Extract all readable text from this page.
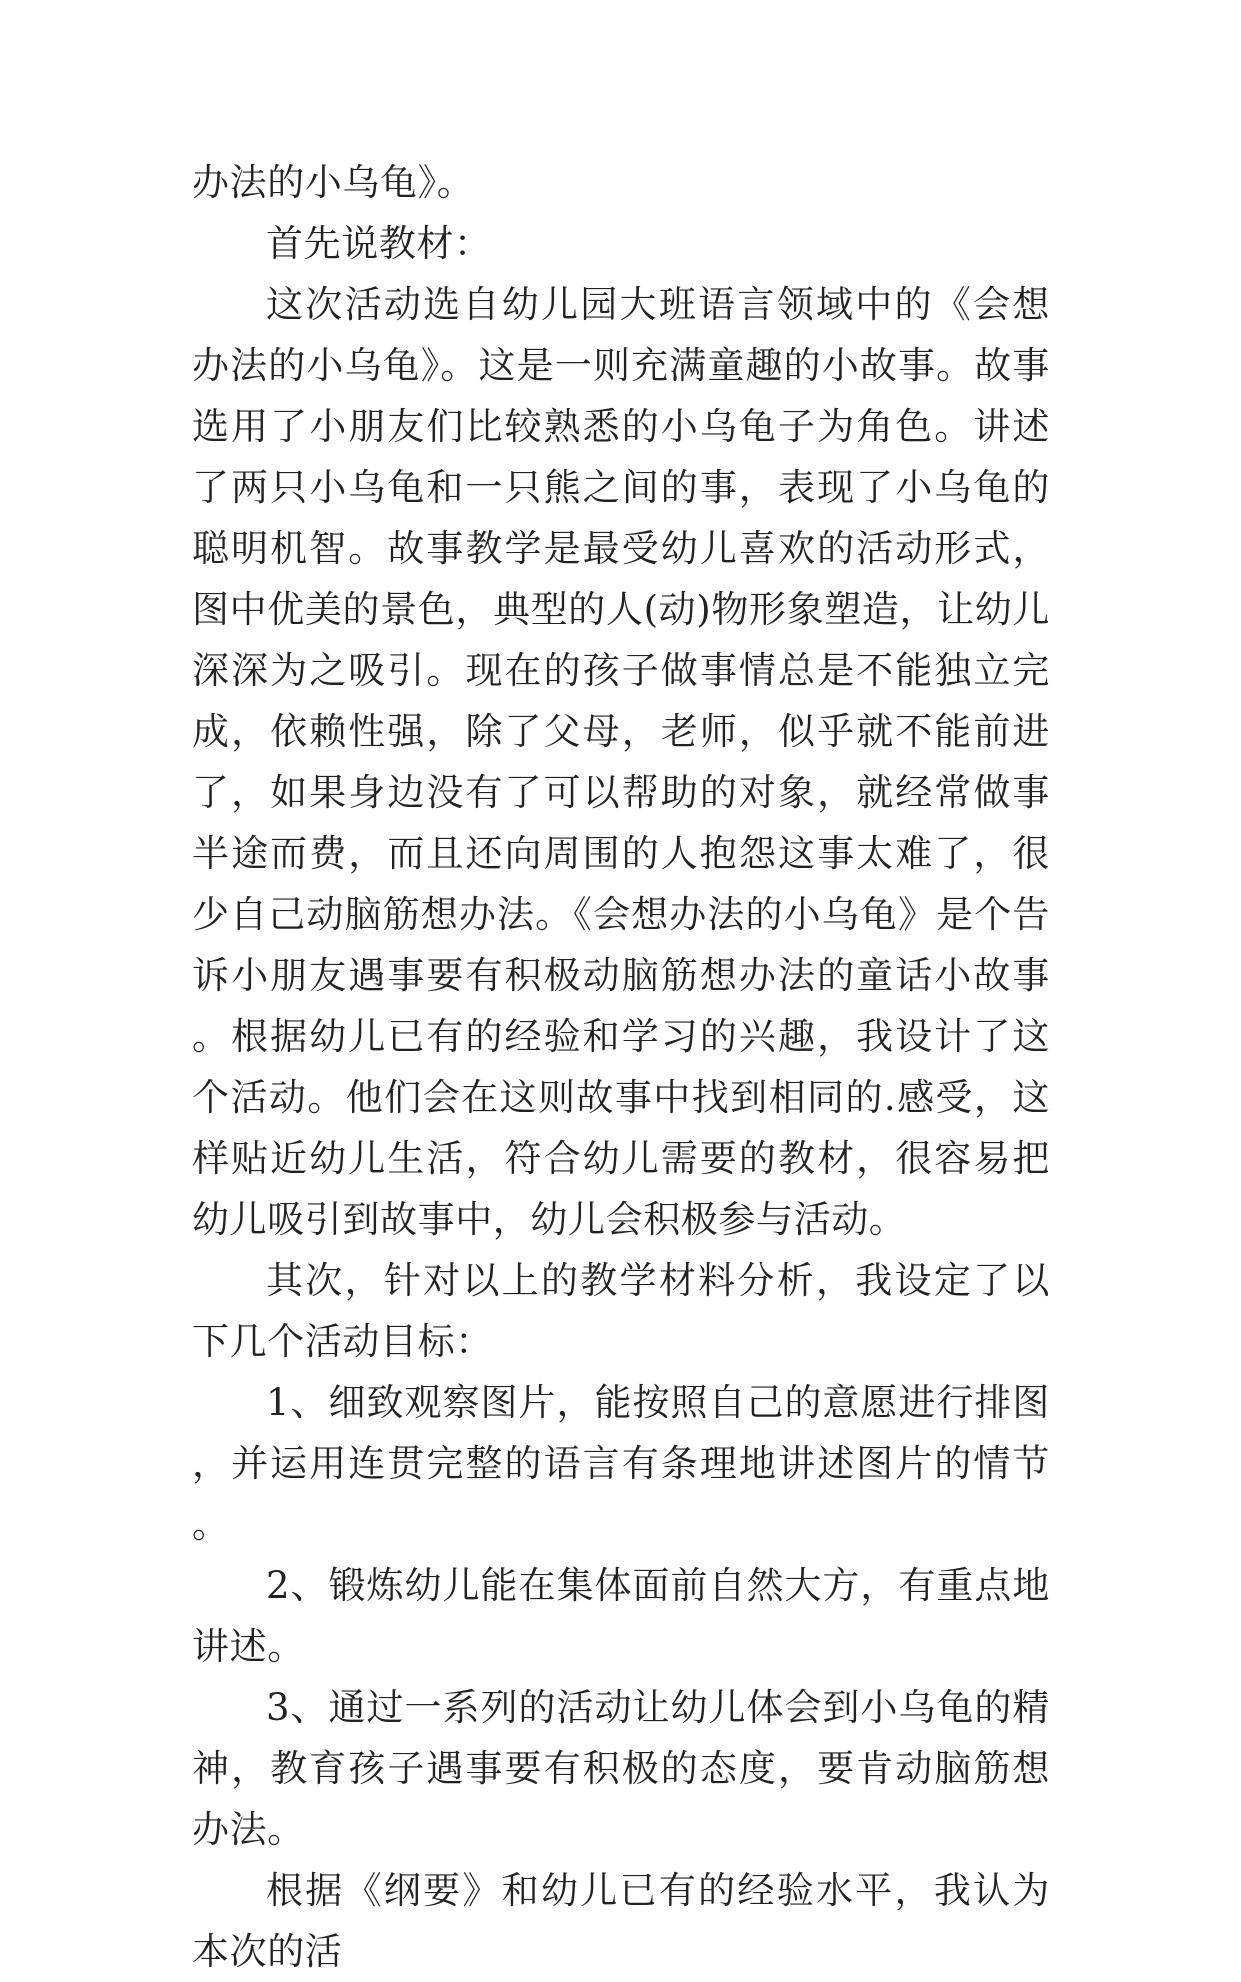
办法的小乌龟》。

首先说教材：

这次活动选自幼儿园大班语言领域中的《会想办法的小乌龟》。这是一则充满童趣的小故事。故事选用了小朋友们比较熟悉的小乌龟子为角色。讲述了两只小乌龟和一只熊之间的事，表现了小乌龟的聪明机智。故事教学是最受幼儿喜欢的活动形式，图中优美的景色，典型的人(动)物形象塑造，让幼儿深深为之吸引。现在的孩子做事情总是不能独立完成，依赖性强，除了父母，老师，似乎就不能前进了，如果身边没有了可以帮助的对象，就经常做事半途而费，而且还向周围的人抱怨这事太难了，很少自己动脑筋想办法。《会想办法的小乌龟》是个告诉小朋友遇事要有积极动脑筋想办法的童话小故事。根据幼儿已有的经验和学习的兴趣，我设计了这个活动。他们会在这则故事中找到相同的.感受，这样贴近幼儿生活，符合幼儿需要的教材，很容易把幼儿吸引到故事中，幼儿会积极参与活动。

其次，针对以上的教学材料分析，我设定了以下几个活动目标：

1、细致观察图片，能按照自己的意愿进行排图，并运用连贯完整的语言有条理地讲述图片的情节。

2、锻炼幼儿能在集体面前自然大方，有重点地讲述。

3、通过一系列的活动让幼儿体会到小乌龟的精神，教育孩子遇事要有积极的态度，要肯动脑筋想办法。

根据《纲要》和幼儿已有的经验水平，我认为本次的活
